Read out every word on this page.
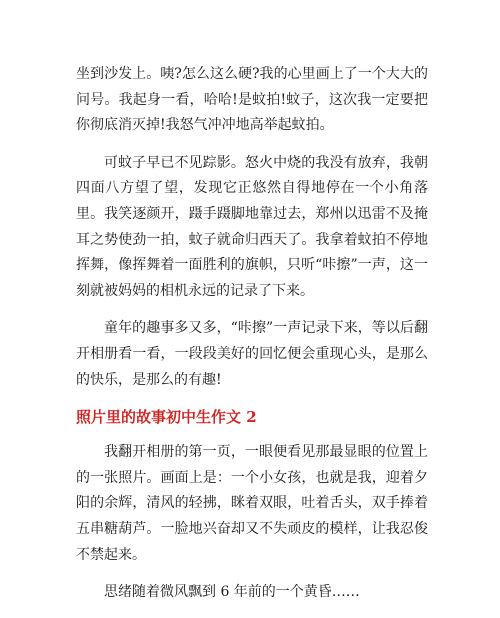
坐到沙发上。咦?怎么这么硬?我的心里画上了一个大大的问号。我起身一看，哈哈!是蚊拍!蚊子，这次我一定要把你彻底消灭掉!我怒气冲冲地高举起蚊拍。

可蚊子早已不见踪影。怒火中烧的我没有放弃，我朝四面八方望了望，发现它正悠然自得地停在一个小角落里。我笑逐颜开，蹑手蹑脚地靠过去，郑州以迅雷不及掩耳之势使劲一拍，蚊子就命归西天了。我拿着蚊拍不停地挥舞，像挥舞着一面胜利的旗帜，只听“咔擦”一声，这一刻就被妈妈的相机永远的记录了下来。

童年的趣事多又多，“咔擦”一声记录下来，等以后翻开相册看一看，一段段美好的回忆便会重现心头，是那么的快乐，是那么的有趣!

照片里的故事初中生作文 2

我翻开相册的第一页，一眼便看见那最显眼的位置上的一张照片。画面上是：一个小女孩，也就是我，迎着夕阳的余辉，清风的轻拂，眯着双眼，吐着舌头，双手捧着五串糖葫芦。一脸地兴奋却又不失顽皮的模样，让我忍俊不禁起来。

思绪随着微风飘到 6 年前的一个黄昏……
